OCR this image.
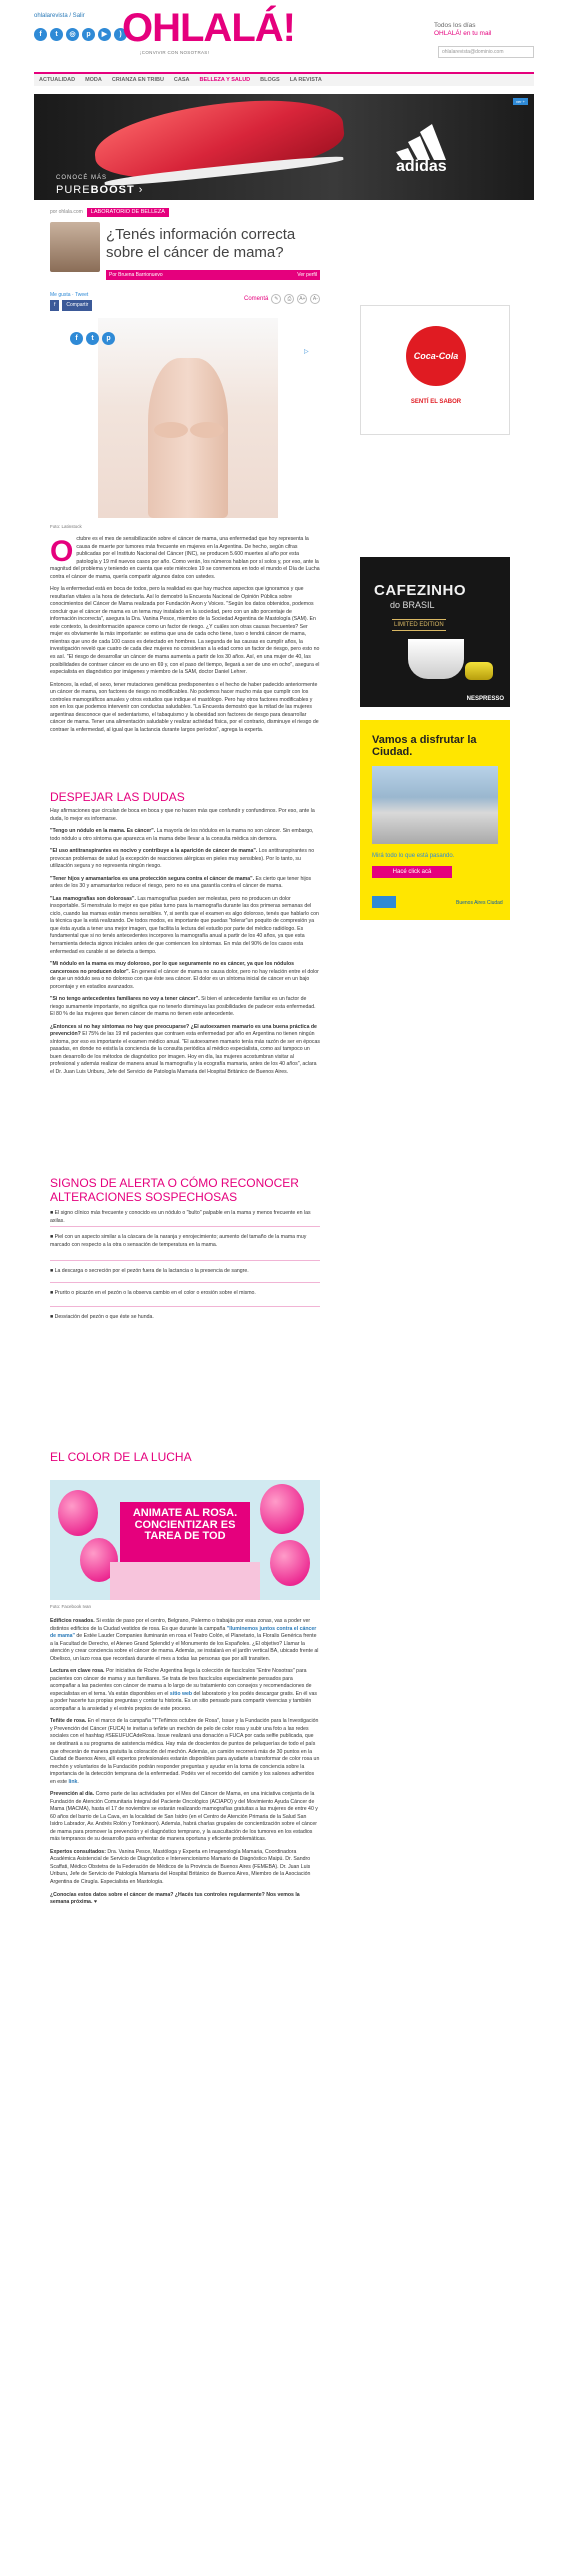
ohlalarevista / Salir
f	t	◎	p	▶	) OHLALÁ!
¡CONVIVIR CON NOSOTRAS!
Todos los días
OHLALÁ! en tu mail
ohlalarevista@dominio.com
ACTUALIDAD	MODA	CRIANZA EN TRIBU	CASA	BELLEZA Y SALUD	BLOGS	LA REVISTA
CONOCÉ MÁS
PUREBOOST ›
adidas
ver +
por ohlala.com	LABORATORIO DE BELLEZA
¿Tenés información correcta sobre el cáncer de mama?
Por Bruena Barrionuevo	Ver perfil
Me gusta · Tweet
f	Compartir
Comentá	✎	⎙	A+	A-
f	t	p
▷
Foto: Latinstock

Octubre es el mes de sensibilización sobre el cáncer de mama, una enfermedad que hoy representa la causa de muerte por tumores más frecuente en mujeres en la Argentina. De hecho, según cifras publicadas por el Instituto Nacional del Cáncer (INC), se producen 5.600 muertes al año por esta patología y 19 mil nuevos casos por año. Como verán, los números hablan por sí solos y, por eso, ante la magnitud del problema y teniendo en cuenta que este miércoles 19 se conmemora en todo el mundo el Día de Lucha contra el cáncer de mama, quería compartir algunos datos con ustedes.

Hoy la enfermedad está en boca de todos, pero la realidad es que hay muchos aspectos que ignoramos y que resultarían vitales a la hora de detectarla. Así lo demostró la Encuesta Nacional de Opinión Pública sobre conocimientos del Cáncer de Mama realizada por Fundación Avon y Voices. "Según los datos obtenidos, podemos concluir que el cáncer de mama es un tema muy instalado en la sociedad, pero con un alto porcentaje de información incorrecta", asegura la Dra. Vanina Pesce, miembro de la Sociedad Argentina de Mastología (SAM). En este contexto, la desinformación aparece como un factor de riesgo. ¿Y cuáles son otras causas frecuentes? Ser mujer es obviamente la más importante: se estima que una de cada ocho tiene, tuvo o tendrá cáncer de mama, mientras que uno de cada 100 casos es detectado en hombres. La segunda de las causas es cumplir años, la investigación reveló que cuatro de cada diez mujeres no consideran a la edad como un factor de riesgo, pero esto no es así. "El riesgo de desarrollar un cáncer de mama aumenta a partir de los 30 años. Así, en una mujer de 40, las posibilidades de contraer cáncer es de uno en 69 y, con el paso del tiempo, llegará a ser de uno en ocho", asegura el especialista en diagnóstico por imágenes y miembro de la SAM, doctor Daniel Lehrer.

Entonces, la edad, el sexo, tener mutaciones genéticas predisponentes o el hecho de haber padecido anteriormente un cáncer de mama, son factores de riesgo no modificables. No podemos hacer mucho más que cumplir con los controles mamográficos anuales y otros estudios que indique el mastólogo. Pero hay otros factores modificables y son en los que podemos intervenir con conductas saludables. "La Encuesta demostró que la mitad de las mujeres argentinas desconoce que el sedentarismo, el tabaquismo y la obesidad son factores de riesgo para desarrollar cáncer de mama. Tener una alimentación saludable y realizar actividad física, por el contrario, disminuye el riesgo de contraer la enfermedad, al igual que la lactancia durante largos períodos", agrega la experta.

DESPEJAR LAS DUDAS

Hay afirmaciones que circulan de boca en boca y que no hacen más que confundir y confundirnos. Por eso, ante la duda, lo mejor es informarse.

"Tengo un nódulo en la mama. Es cáncer". La mayoría de los nódulos en la mama no son cáncer. Sin embargo, todo nódulo u otro síntoma que aparezca en la mama debe llevar a la consulta médica sin demora.

"El uso antitranspirantes es nocivo y contribuye a la aparición de cáncer de mama". Los antitranspirantes no provocan problemas de salud (a excepción de reacciones alérgicas en pieles muy sensibles). Por lo tanto, su utilización segura y no representa ningún riesgo.

"Tener hijos y amamantarlos es una protección segura contra el cáncer de mama". Es cierto que tener hijos antes de los 30 y amamantarlos reduce el riesgo, pero no es una garantía contra el cáncer de mama.

"Las mamografías son dolorosas". Las mamografías pueden ser molestas, pero no producen un dolor insoportable. Si menstruás lo mejor es que pidas turno para la mamografía durante las dos primeras semanas del ciclo, cuando las mamas están menos sensibles. Y, si sentís que el examen es algo doloroso, tenés que hablarlo con la técnica que la está realizando. De todos modos, es importante que puedas "tolerar"un poquito de compresión ya que ésta ayuda a tener una mejor imagen, que facilita la lectura del estudio por parte del médico radiólogo. Es fundamental que si no tenés antecedentes incorpores la mamografía anual a partir de los 40 años, ya que esta herramienta detecta signos iniciales antes de que comiencen los síntomas. En más del 90% de los casos esta enfermedad es curable si se detecta a tiempo.

"Mi nódulo en la mama es muy doloroso, por lo que seguramente no es cáncer, ya que los nódulos cancerosos no producen dolor". En general el cáncer de mama no causa dolor, pero no hay relación entre el dolor de que un nódulo sea o no doloroso con que éste sea cáncer. El dolor es un síntoma inicial de cáncer en un bajo porcentaje y en estadios avanzados.

"Si no tengo antecedentes familiares no voy a tener cáncer". Si bien el antecedente familiar es un factor de riesgo sumamente importante, no significa que no tenerlo disminuya las posibilidades de padecer esta enfermedad. El 80 % de las mujeres que tienen cáncer de mama no tienen este antecedente.

¿Entonces si no hay síntomas no hay que preocuparse? ¿El autoexamen mamario es una buena práctica de prevención? El 75% de las 19 mil pacientes que contraen esta enfermedad por año en Argentina no tienen ningún síntoma, por eso es importante el examen médico anual. "El autoexamen mamario tenía más razón de ser en épocas pasadas, en donde no existía la conciencia de la consulta periódica al médico especialista, como así tampoco un buen desarrollo de los métodos de diagnóstico por imagen. Hoy en día, las mujeres acostumbran visitar al profesional y además realizar de manera anual la mamografía y la ecografía mamaria, antes de los 40 años", aclara el Dr. Juan Luis Uriburu, Jefe del Servicio de Patología Mamaria del Hospital Británico de Buenos Aires.

SIGNOS DE ALERTA O CÓMO RECONOCER ALTERACIONES SOSPECHOSAS
■ El signo clínico más frecuente y conocido es un nódulo o "bulto" palpable en la mama y menos frecuente en las axilas.
■ Piel con un aspecto similar a la cáscara de la naranja y enrojecimiento; aumento del tamaño de la mama muy marcado con respecto a la otra o sensación de temperatura en la mama.
■ La descarga o secreción por el pezón fuera de la lactancia o la presencia de sangre.
■ Prurito o picazón en el pezón o la observa cambio en el color o erosión sobre el mismo.
■ Desviación del pezón o que éste se hunda.
EL COLOR DE LA LUCHA
ANIMATE AL ROSA. CONCIENTIZAR ES TAREA DE TOD
Foto: Facebook Ivan

Edificios rosados. Si estás de paso por el centro, Belgrano, Palermo o trabajás por esas zonas, vas a poder ver distintos edificios de la Ciudad vestidos de rosa. Es que durante la campaña "Iluminemos juntos contra el cáncer de mama" de Estée Lauder Companies iluminarán en rosa el Teatro Colón, el Planetario, la Floralis Genérica frente a la Facultad de Derecho, el Ateneo Grand Splendid y el Monumento de los Españoles. ¿El objetivo? Llamar la atención y crear conciencia sobre el cáncer de mama. Además, se instalará en el jardín vertical BA, ubicado frente al Obelisco, un lazo rosa que recordará durante el mes a todas las personas que por allí transiten.

Lectura en clave rosa. Por iniciativa de Roche Argentina llega la colección de fascículos "Entre Nosotras" para pacientes con cáncer de mama y sus familiares. Se trata de tres fascículos especialmente pensados para acompañar a las pacientes con cáncer de mama a lo largo de su tratamiento con consejos y recomendaciones de especialistas en el tema. Va están disponibles en el sitio web del laboratorio y los podés descargar gratis. En él vas a poder hacerte tus propias preguntas y contar tu historia. Es un sitio pensado para compartir vivencias y también acompañar a la ansiedad y el estrés propios de este proceso.

Teñite de rosa. En el marco de la campaña "T'Teñimos octubre de Rosa", Issue y la Fundación para la Investigación y Prevención del Cáncer (FUCA) te invitan a teñirte un mechón de pelo de color rosa y subir una foto a las redes sociales con el hashtag #SEEUFUCAdeRosa. Issue realizará una donación a FUCA por cada selfie publicada, que se destinará a su programa de asistencia médica. Hay más de doscientos de puntos de peluquerías de todo el país que ofrecerán de manera gratuita la coloración del mechón. Además, un camión recorrerá más de 30 puntos en la Ciudad de Buenos Aires, allí expertos profesionales estarán disponibles para ayudarte a transformar de color rosa un mechón y voluntarios de la Fundación podrán responder preguntas y ayudar en la toma de conciencia sobre la importancia de la detección temprana de la enfermedad. Podés ver el recorrido del camión y los salones adheridos en este link.

Prevención al día. Como parte de las actividades por el Mes del Cáncer de Mama, en una iniciativa conjunta de la Fundación de Atención Comunitaria Integral del Paciente Oncológico (ACIAPO) y del Movimiento Ayuda Cáncer de Mama (MACMA), hasta el 17 de noviembre se estarán realizando mamografías gratuitas a las mujeres de entre 40 y 60 años del barrio de La Cava, en la localidad de San Isidro (en el Centro de Atención Primaria de la Salud San Isidro Labrador, Av. Andrés Rolón y Tomkinson). Además, habrá charlas grupales de concientización sobre el cáncer de mama para promover la prevención y el diagnóstico temprano, y la auscultación de los tumores en los estadios más tempranos de su desarrollo para enfrentar de manera oportuna y eficiente problemáticas.

Expertos consultados: Dra. Vanina Pesce, Mastóloga y Experta en Imagenología Mamaria, Coordinadora Académica Asistencial de Servicio de Diagnóstico e Intervencionismo Mamario de Diagnóstico Maipú. Dr. Sandro Scaffati, Médico Obstetra de la Federación de Médicos de la Provincia de Buenos Aires (FEMEBA). Dr. Juan Luis Uriburu, Jefe de Servicio de Patología Mamaria del Hospital Británico de Buenos Aires, Miembro de la Asociación Argentina de Cirugía. Especialista en Mastología.

¿Conocías estos datos sobre el cáncer de mama? ¿Hacés tus controles regularmente? Nos vemos la semana próxima. ♥

Coca-Cola
SENTÍ EL SABOR
CAFEZINHO
do BRASIL
LIMITED EDITION
NESPRESSO
Vamos a disfrutar la Ciudad.
Mirá todo lo que está pasando.
Hacé click acá
Buenos Aires Ciudad
